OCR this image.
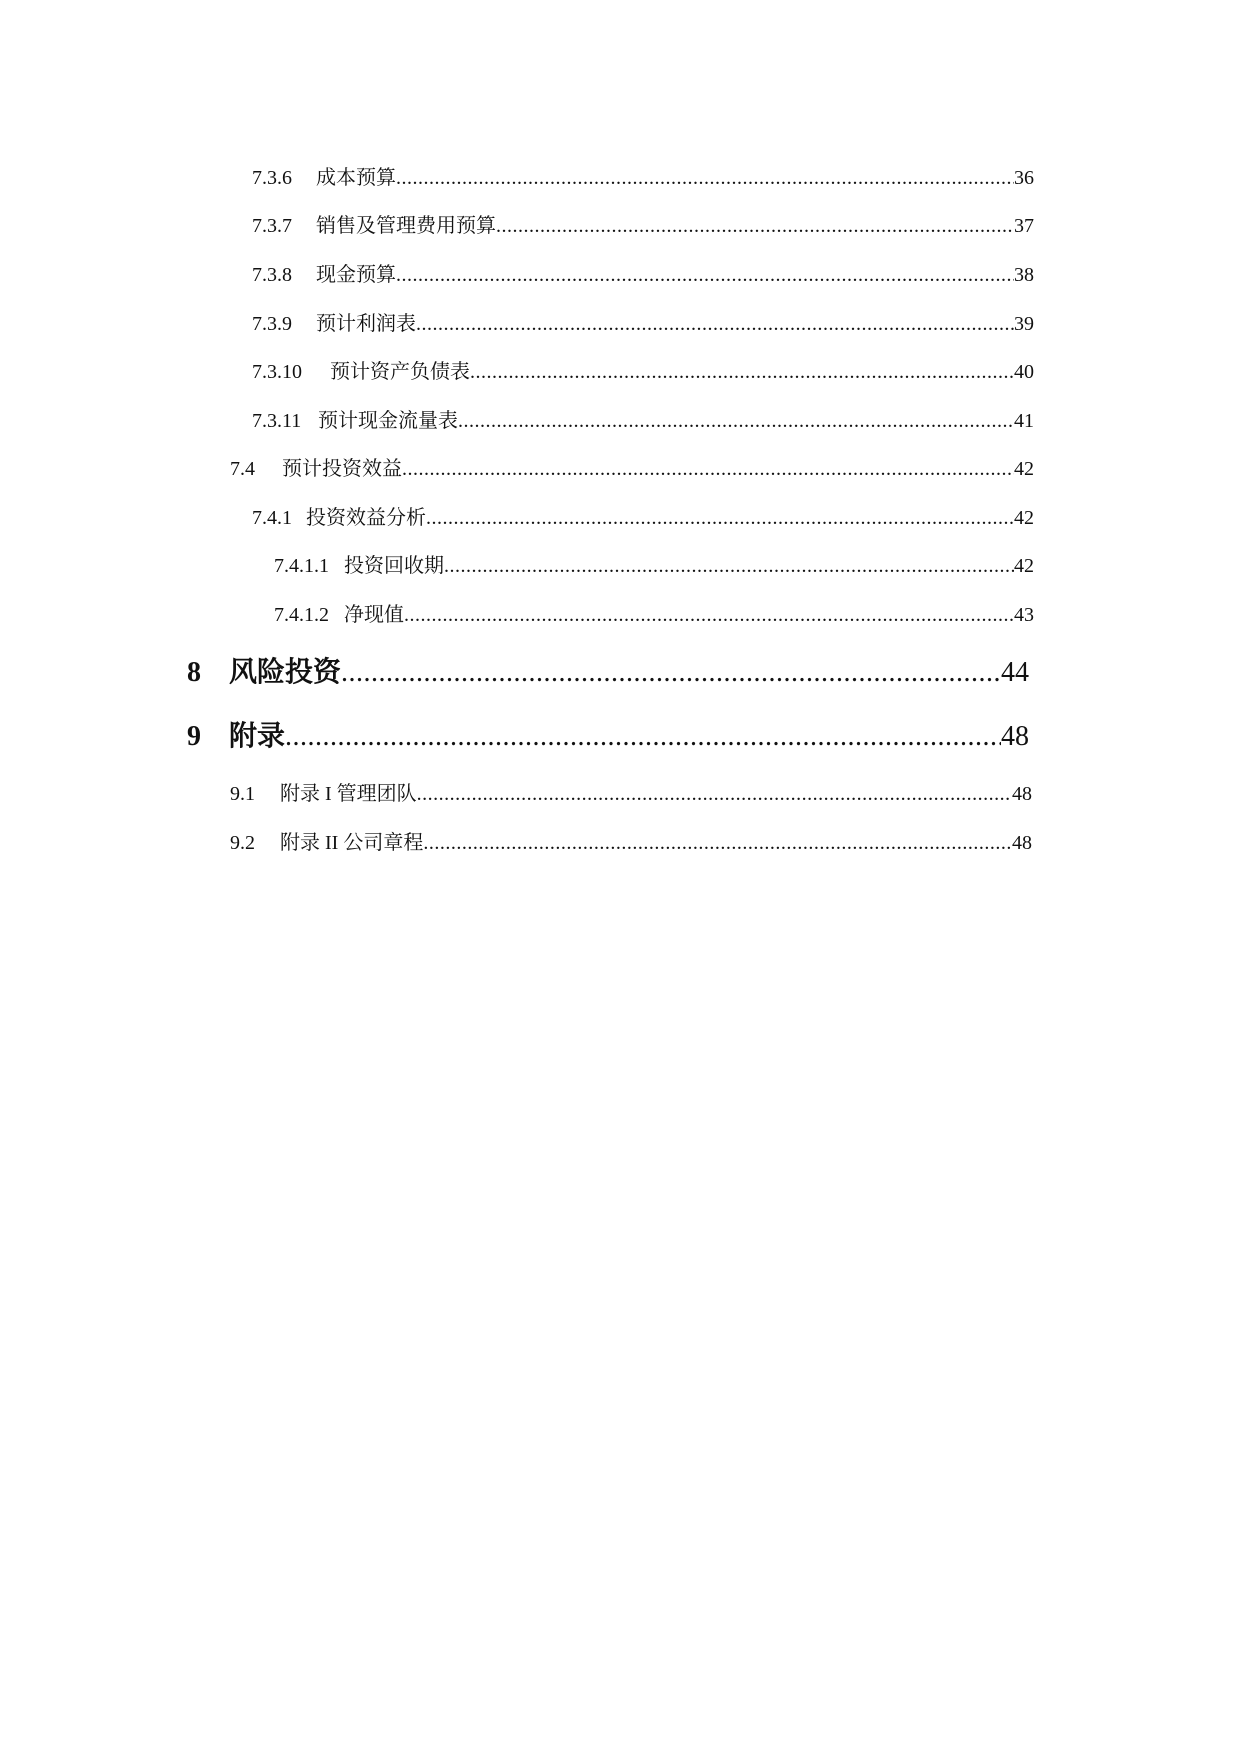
7.3.6	成本预算 .....	36
7.3.7	销售及管理费用预算 .....	37
7.3.8	现金预算 .....	38
7.3.9	预计利润表 .....	39
7.3.10	预计资产负债表 .....	40
7.3.11 预计现金流量表 .....	41
7.4	预计投资效益 .....	42
7.4.1 投资效益分析 .....	42
7.4.1.1 投资回收期 .....	42
7.4.1.2 净现值 .....	43
8	风险投资 .....	44
9	附录 .....	48
9.1	附录 I 管理团队 .....	48
9.2	附录 II 公司章程 .....	48
